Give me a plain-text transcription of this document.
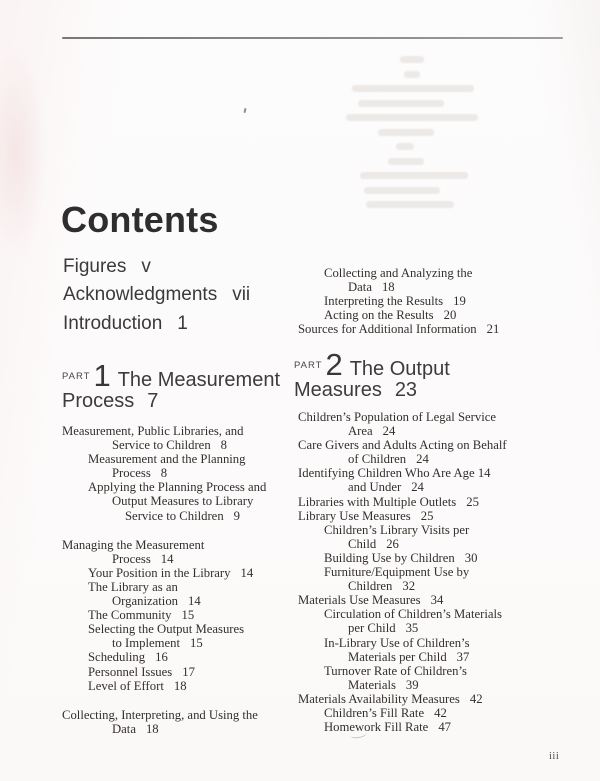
Contents
Figures v
Acknowledgments vii
Introduction 1
$^{PART}$1 The Measurement Process 7
$^{PART}$2 The Output Measures 23
Measurement, Public Libraries, and
Service to Children 8
Measurement and the Planning
Process 8
Applying the Planning Process and
Output Measures to Library
Service to Children 9
Managing the Measurement
Process 14
Your Position in the Library 14
The Library as an
Organization 14
The Community 15
Selecting the Output Measures
to Implement 15
Scheduling 16
Personnel Issues 17
Level of Effort 18
Collecting, Interpreting, and Using the
Data 18
Collecting and Analyzing the
Data 18
Interpreting the Results 19
Acting on the Results 20
Sources for Additional Information 21
Children’s Population of Legal Service
Area 24
Care Givers and Adults Acting on Behalf
of Children 24
Identifying Children Who Are Age 14
and Under 24
Libraries with Multiple Outlets 25
Library Use Measures 25
Children’s Library Visits per
Child 26
Building Use by Children 30
Furniture/Equipment Use by
Children 32
Materials Use Measures 34
Circulation of Children’s Materials
per Child 35
In-Library Use of Children’s
Materials per Child 37
Turnover Rate of Children’s
Materials 39
Materials Availability Measures 42
Children’s Fill Rate 42
Homework Fill Rate 47
iii
